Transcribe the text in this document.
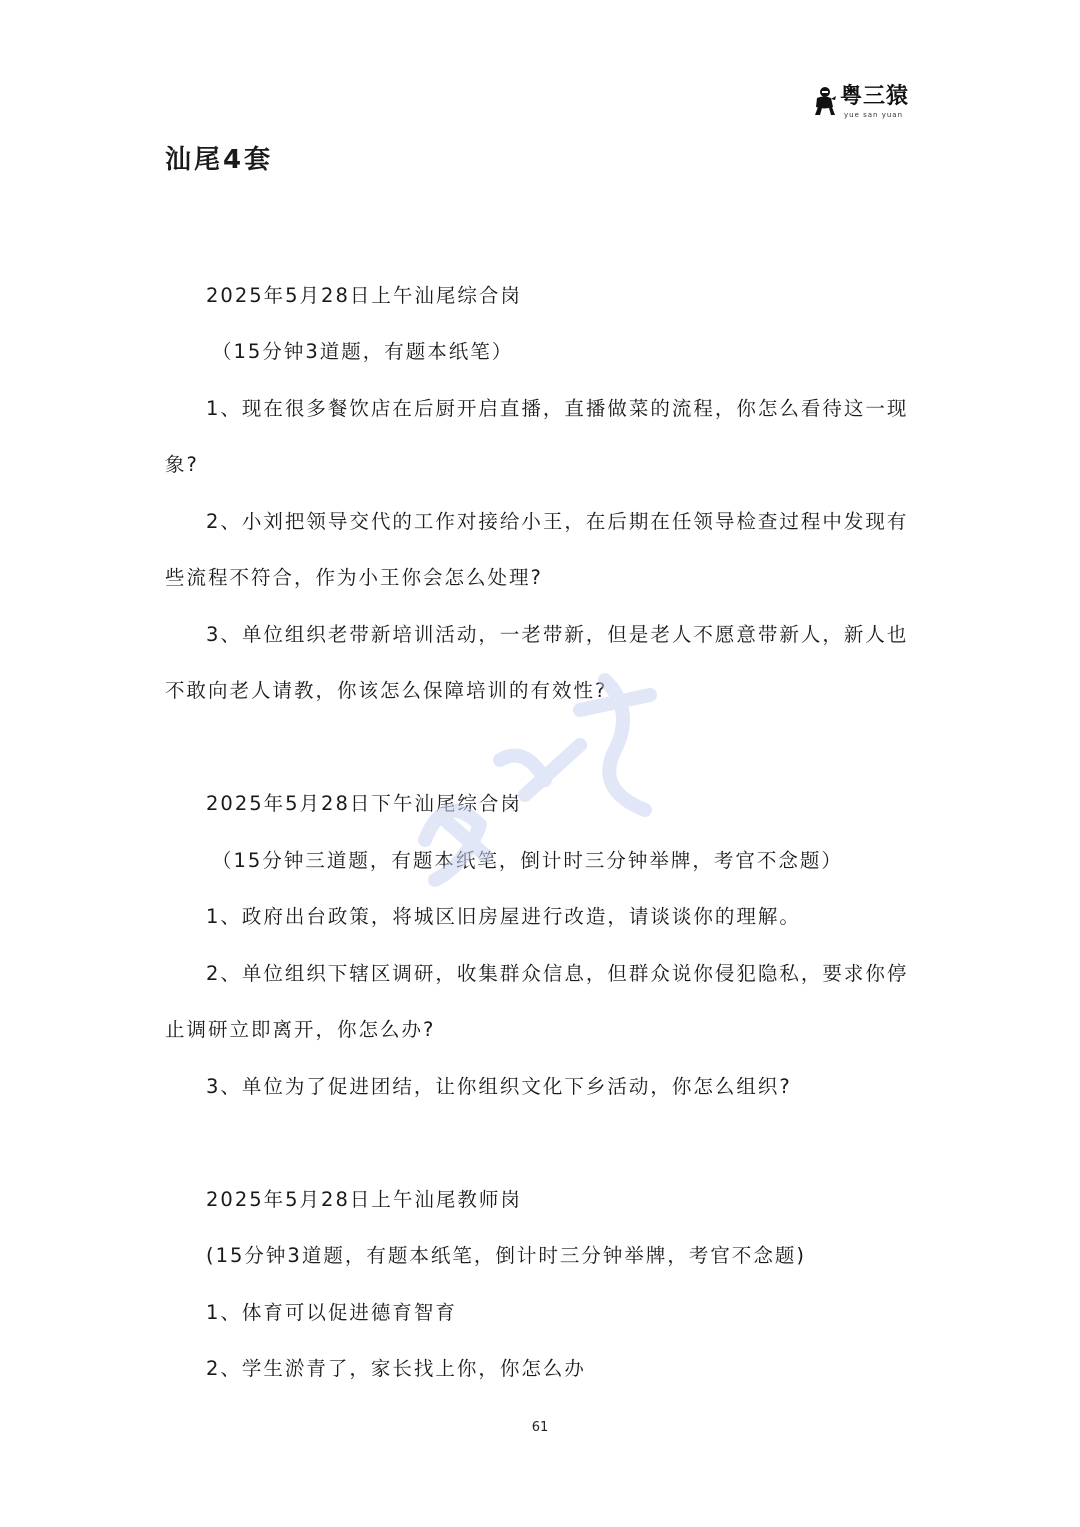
粤三猿
yue san yuan
汕尾4套

2025年5月28日上午汕尾综合岗

（15分钟3道题，有题本纸笔）

1、现在很多餐饮店在后厨开启直播，直播做菜的流程，你怎么看待这一现

象?

2、小刘把领导交代的工作对接给小王，在后期在任领导检查过程中发现有

些流程不符合，作为小王你会怎么处理?

3、单位组织老带新培训活动，一老带新，但是老人不愿意带新人，新人也

不敢向老人请教，你该怎么保障培训的有效性?

2025年5月28日下午汕尾综合岗

（15分钟三道题，有题本纸笔，倒计时三分钟举牌，考官不念题）

1、政府出台政策，将城区旧房屋进行改造，请谈谈你的理解。

2、单位组织下辖区调研，收集群众信息，但群众说你侵犯隐私，要求你停

止调研立即离开，你怎么办?

3、单位为了促进团结，让你组织文化下乡活动，你怎么组织?

2025年5月28日上午汕尾教师岗

(15分钟3道题，有题本纸笔，倒计时三分钟举牌，考官不念题)

1、体育可以促进德育智育

2、学生淤青了，家长找上你，你怎么办

61
